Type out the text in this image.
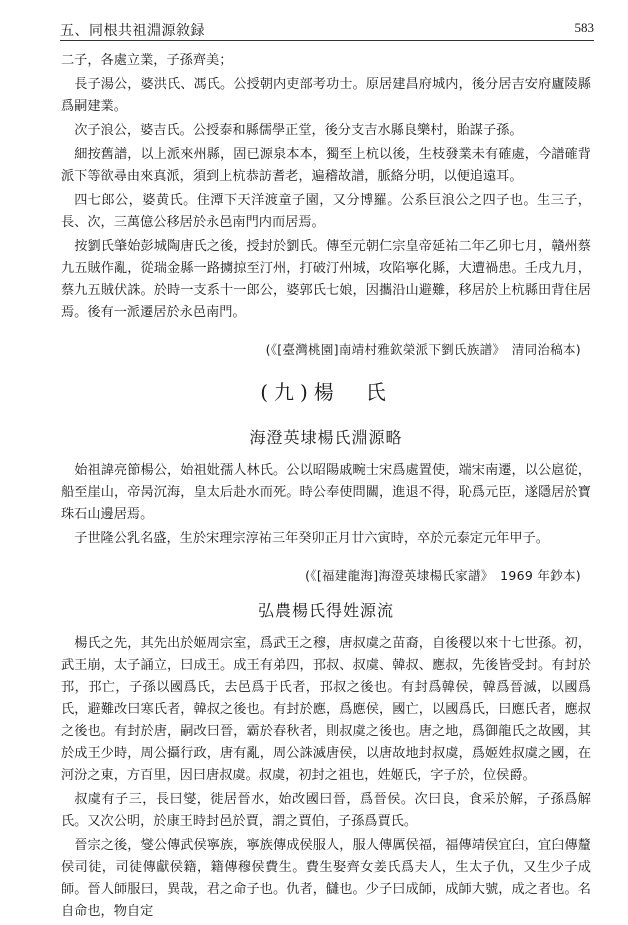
五、同根共祖淵源敘録	583

二子，各處立業，子孫齊美；

長子湯公，婆洪氏、馮氏。公授朝内吏部考功士。原居建昌府城内，後分居吉安府廬陵縣爲嗣建業。

次子浪公，婆吉氏。公授泰和縣儒學正堂，後分支吉水縣良樂村，貽謀子孫。

細按舊譜，以上派來州縣，固已源泉本本，獨至上杭以後，生枝發業未有確處，今譜確背派下等欲尋由來真派，須到上杭恭訪耆老，遍稽故譜，脈絡分明，以便追遠耳。

四七郎公，婆黄氏。住潭下天洋渡童子園，又分博羅。公系巨浪公之四子也。生三子，長、次，三萬億公移居於永邑南門内而居焉。

按劉氏肇始彭城陶唐氏之後，授封於劉氏。傳至元朝仁宗皇帝延祐二年乙卯七月，贛州蔡九五賊作亂，從瑞金縣一路擄掠至汀州，打破汀州城，攻陷寧化縣，大遭禍患。壬戌九月，蔡九五賊伏誅。於時一支系十一郎公，婆郭氏七娘，因攜沿山避難，移居於上杭縣田背住居焉。後有一派遷居於永邑南門。

(《[臺灣桃園]南靖村雅欽榮派下劉氏族譜》　清同治稿本)
(九)楊　氏
海澄英埭楊氏淵源略

始祖諱亮節楊公，始祖妣孺人林氏。公以昭陽戚畹士宋爲處置使，端宋南遷，以公扈從，船至崖山，帝昺沉海，皇太后赴水而死。時公奉使問關，進退不得，恥爲元臣，遂隱居於寶珠石山邊居焉。

子世隆公乳名盛，生於宋理宗淳祐三年癸卯正月廿六寅時，卒於元泰定元年甲子。

(《[福建龍海]海澄英埭楊氏家譜》　1969 年鈔本)
弘農楊氏得姓源流

楊氏之先，其先出於姬周宗室，爲武王之穆，唐叔虞之苗裔，自後稷以來十七世孫。初，武王崩，太子誦立，曰成王。成王有弟四，邘叔、叔虞、韓叔、應叔，先後皆受封。有封於邘，邘亡，子孫以國爲氏，去邑爲于氏者，邘叔之後也。有封爲韓侯，韓爲晉滅，以國爲氏，避難改曰寒氏者，韓叔之後也。有封於應，爲應侯，國亡，以國爲氏，曰應氏者，應叔之後也。有封於唐，嗣改曰晉，霸於春秋者，則叔虞之後也。唐之地，爲御龍氏之故國，其於成王少時，周公攝行政，唐有亂，周公誅滅唐侯，以唐故地封叔虞，爲姬姓叔虞之國，在河汾之東，方百里，因曰唐叔虞。叔虞，初封之祖也，姓姬氏，字子於，位侯爵。

叔虞有子三，長曰燮，徙居晉水，始改國曰晉，爲晉侯。次曰良，食采於解，子孫爲解氏。又次公明，於康王時封邑於賈，謂之賈伯，子孫爲賈氏。

晉宗之後，燮公傳武侯寧族，寧族傳成侯服人，服人傳厲侯福，福傳靖侯宜臼，宜臼傳釐侯司徒，司徒傳獻侯籍，籍傳穆侯費生。費生娶齊女姜氏爲夫人，生太子仇，又生少子成師。晉人師服曰，異哉，君之命子也。仇者，讎也。少子曰成師，成師大號，成之者也。名自命也，物自定
